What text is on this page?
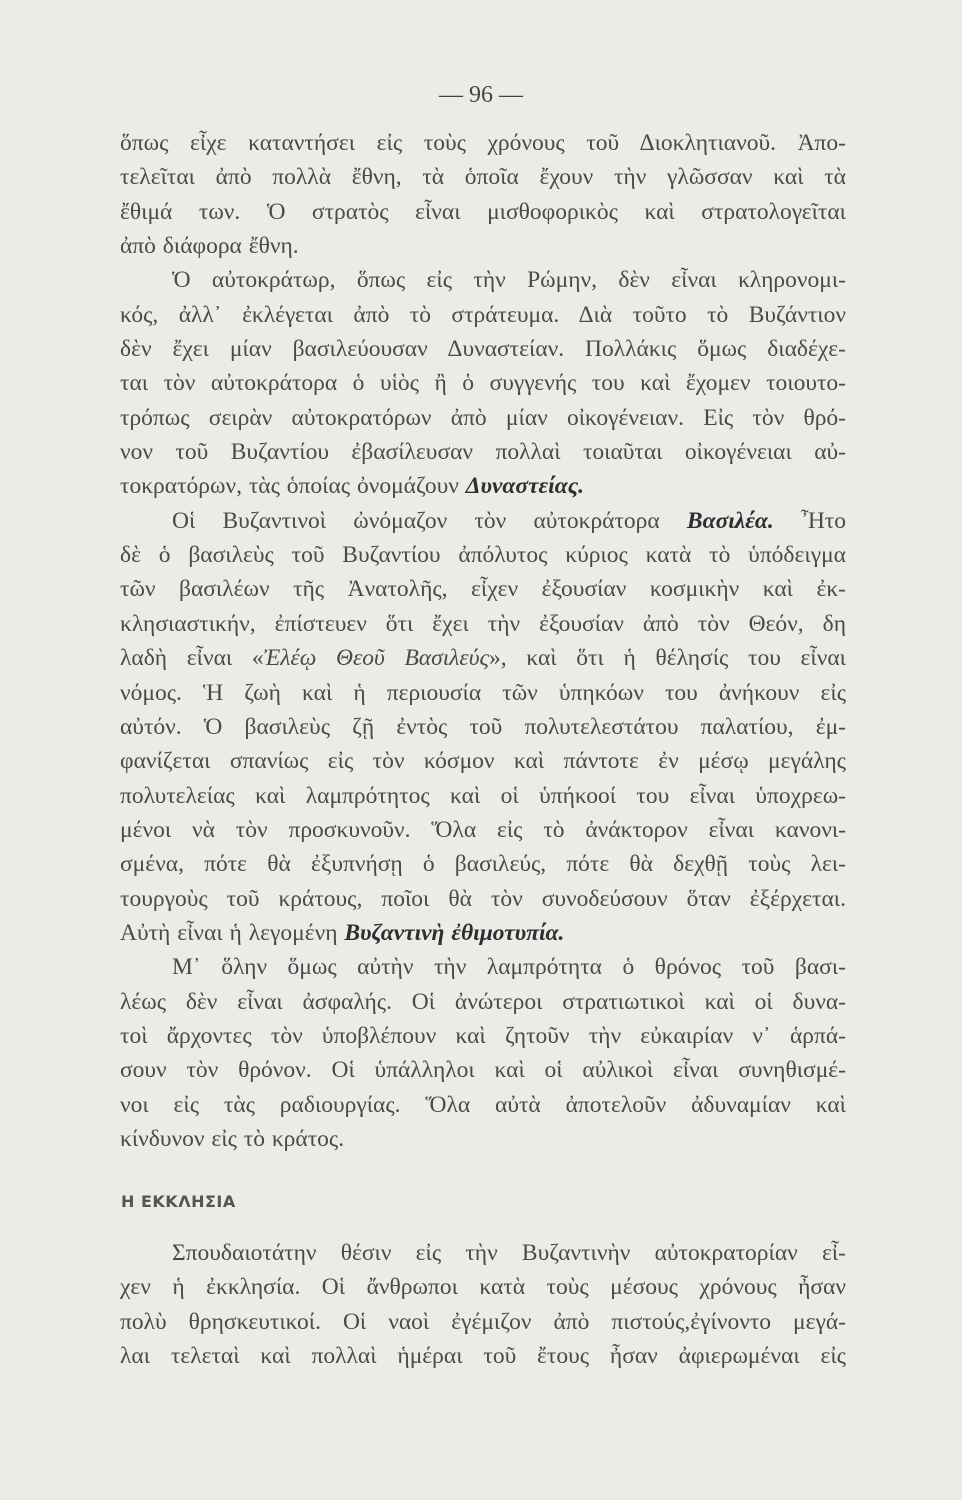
— 96 —
ὅπως εἶχε καταντήσει εἰς τοὺς χρόνους τοῦ Διοκλητιανοῦ. Ἀπο-
τελεῖται ἀπὸ πολλὰ ἔθνη, τὰ ὁποῖα ἔχουν τὴν γλῶσσαν καὶ τὰ
ἔθιμά των. Ὁ στρατὸς εἶναι μισθοφορικὸς καὶ στρατολογεῖται
ἀπὸ διάφορα ἔθνη.
Ὁ αὐτοκράτωρ, ὅπως εἰς τὴν Ρώμην, δὲν εἶναι κληρονομι-
κός, ἀλλ᾽ ἐκλέγεται ἀπὸ τὸ στράτευμα. Διὰ τοῦτο τὸ Βυζάντιον
δὲν ἔχει μίαν βασιλεύουσαν Δυναστείαν. Πολλάκις ὅμως διαδέχε-
ται τὸν αὐτοκράτορα ὁ υἱὸς ἢ ὁ συγγενής του καὶ ἔχομεν τοιουτο-
τρόπως σειρὰν αὐτοκρατόρων ἀπὸ μίαν οἰκογένειαν. Εἰς τὸν θρό-
νον τοῦ Βυζαντίου ἐβασίλευσαν πολλαὶ τοιαῦται οἰκογένειαι αὐ-
τοκρατόρων, τὰς ὁποίας ὀνομάζουν Δυναστείας.
Οἱ Βυζαντινοὶ ὠνόμαζον τὸν αὐτοκράτορα Βασιλέα. Ἦτο
δὲ ὁ βασιλεὺς τοῦ Βυζαντίου ἀπόλυτος κύριος κατὰ τὸ ὑπόδειγμα
τῶν βασιλέων τῆς Ἀνατολῆς, εἶχεν ἐξουσίαν κοσμικὴν καὶ ἐκ-
κλησιαστικήν, ἐπίστευεν ὅτι ἔχει τὴν ἐξουσίαν ἀπὸ τὸν Θεόν, δη
λαδὴ εἶναι «Ἐλέῳ Θεοῦ Βασιλεύς», καὶ ὅτι ἡ θέλησίς του εἶναι
νόμος. Ἡ ζωὴ καὶ ἡ περιουσία τῶν ὑπηκόων του ἀνήκουν εἰς
αὐτόν. Ὁ βασιλεὺς ζῇ ἐντὸς τοῦ πολυτελεστάτου παλατίου, ἐμ-
φανίζεται σπανίως εἰς τὸν κόσμον καὶ πάντοτε ἐν μέσῳ μεγάλης
πολυτελείας καὶ λαμπρότητος καὶ οἱ ὑπήκοοί του εἶναι ὑποχρεω-
μένοι νὰ τὸν προσκυνοῦν. Ὅλα εἰς τὸ ἀνάκτορον εἶναι κανονι-
σμένα, πότε θὰ ἐξυπνήσῃ ὁ βασιλεύς, πότε θὰ δεχθῇ τοὺς λει-
τουργοὺς τοῦ κράτους, ποῖοι θὰ τὸν συνοδεύσουν ὅταν ἐξέρχεται.
Αὐτὴ εἶναι ἡ λεγομένη Βυζαντινὴ ἐθιμοτυπία.
Μ᾽ ὅλην ὅμως αὐτὴν τὴν λαμπρότητα ὁ θρόνος τοῦ βασι-
λέως δὲν εἶναι ἀσφαλής. Οἱ ἀνώτεροι στρατιωτικοὶ καὶ οἱ δυνα-
τοὶ ἄρχοντες τὸν ὑποβλέπουν καὶ ζητοῦν τὴν εὐκαιρίαν ν᾽ ἁρπά-
σουν τὸν θρόνον. Οἱ ὑπάλληλοι καὶ οἱ αὐλικοὶ εἶναι συνηθισμέ-
νοι εἰς τὰς ραδιουργίας. Ὅλα αὐτὰ ἀποτελοῦν ἀδυναμίαν καὶ
κίνδυνον εἰς τὸ κράτος.
Η ΕΚΚΛΗΣΙΑ
Σπουδαιοτάτην θέσιν εἰς τὴν Βυζαντινὴν αὐτοκρατορίαν εἶ-
χεν ἡ ἐκκλησία. Οἱ ἄνθρωποι κατὰ τοὺς μέσους χρόνους ἦσαν
πολὺ θρησκευτικοί. Οἱ ναοὶ ἐγέμιζον ἀπὸ πιστούς,ἐγίνοντο μεγά-
λαι τελεταὶ καὶ πολλαὶ ἡμέραι τοῦ ἔτους ἦσαν ἀφιερωμέναι εἰς
